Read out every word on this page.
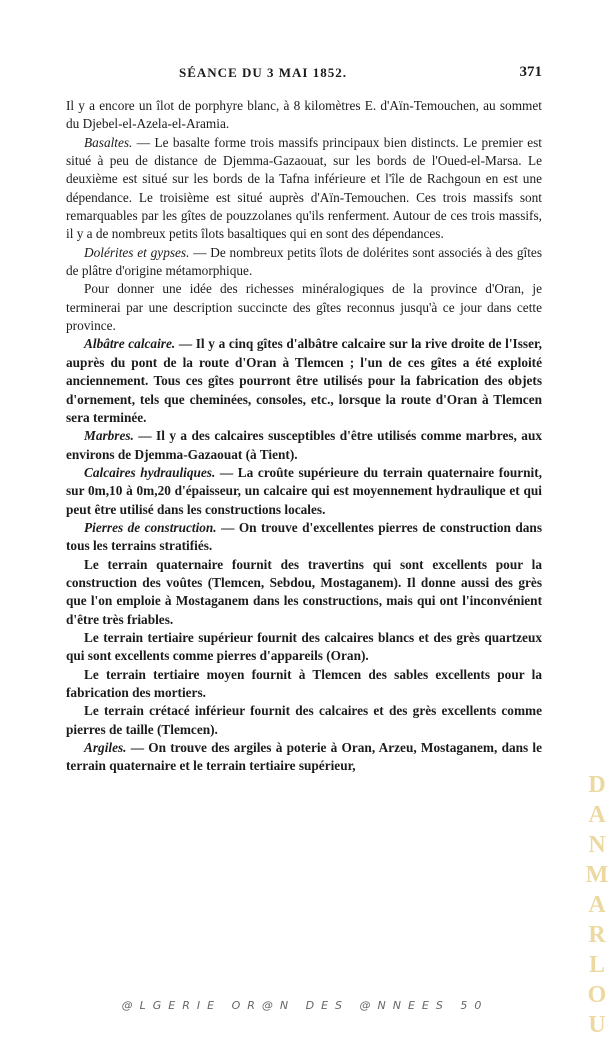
SÉANCE DU 3 MAI 1852.	371

Il y a encore un îlot de porphyre blanc, à 8 kilomètres E. d'Aïn-Temouchen, au sommet du Djebel-el-Azela-el-Aramia.

Basaltes. — Le basalte forme trois massifs principaux bien distincts. Le premier est situé à peu de distance de Djemma-Gazaouat, sur les bords de l'Oued-el-Marsa. Le deuxième est situé sur les bords de la Tafna inférieure et l'île de Rachgoun en est une dépendance. Le troisième est situé auprès d'Aïn-Temouchen. Ces trois massifs sont remarquables par les gîtes de pouzzolanes qu'ils renferment. Autour de ces trois massifs, il y a de nombreux petits îlots basaltiques qui en sont des dépendances.

Dolérites et gypses. — De nombreux petits îlots de dolérites sont associés à des gîtes de plâtre d'origine métamorphique.

Pour donner une idée des richesses minéralogiques de la province d'Oran, je terminerai par une description succincte des gîtes reconnus jusqu'à ce jour dans cette province.

Albâtre calcaire. — Il y a cinq gîtes d'albâtre calcaire sur la rive droite de l'Isser, auprès du pont de la route d'Oran à Tlemcen ; l'un de ces gîtes a été exploité anciennement. Tous ces gîtes pourront être utilisés pour la fabrication des objets d'ornement, tels que cheminées, consoles, etc., lorsque la route d'Oran à Tlemcen sera terminée.

Marbres. — Il y a des calcaires susceptibles d'être utilisés comme marbres, aux environs de Djemma-Gazaouat (à Tient).

Calcaires hydrauliques. — La croûte supérieure du terrain quaternaire fournit, sur 0m,10 à 0m,20 d'épaisseur, un calcaire qui est moyennement hydraulique et qui peut être utilisé dans les constructions locales.

Pierres de construction. — On trouve d'excellentes pierres de construction dans tous les terrains stratifiés.

Le terrain quaternaire fournit des travertins qui sont excellents pour la construction des voûtes (Tlemcen, Sebdou, Mostaganem). Il donne aussi des grès que l'on emploie à Mostaganem dans les constructions, mais qui ont l'inconvénient d'être très friables.

Le terrain tertiaire supérieur fournit des calcaires blancs et des grès quartzeux qui sont excellents comme pierres d'appareils (Oran).

Le terrain tertiaire moyen fournit à Tlemcen des sables excellents pour la fabrication des mortiers.

Le terrain crétacé inférieur fournit des calcaires et des grès excellents comme pierres de taille (Tlemcen).

Argiles. — On trouve des argiles à poterie à Oran, Arzeu, Mostaganem, dans le terrain quaternaire et le terrain tertiaire supérieur,

DANMARLOU
@LGERIE OR@N DES @NNEES 50
